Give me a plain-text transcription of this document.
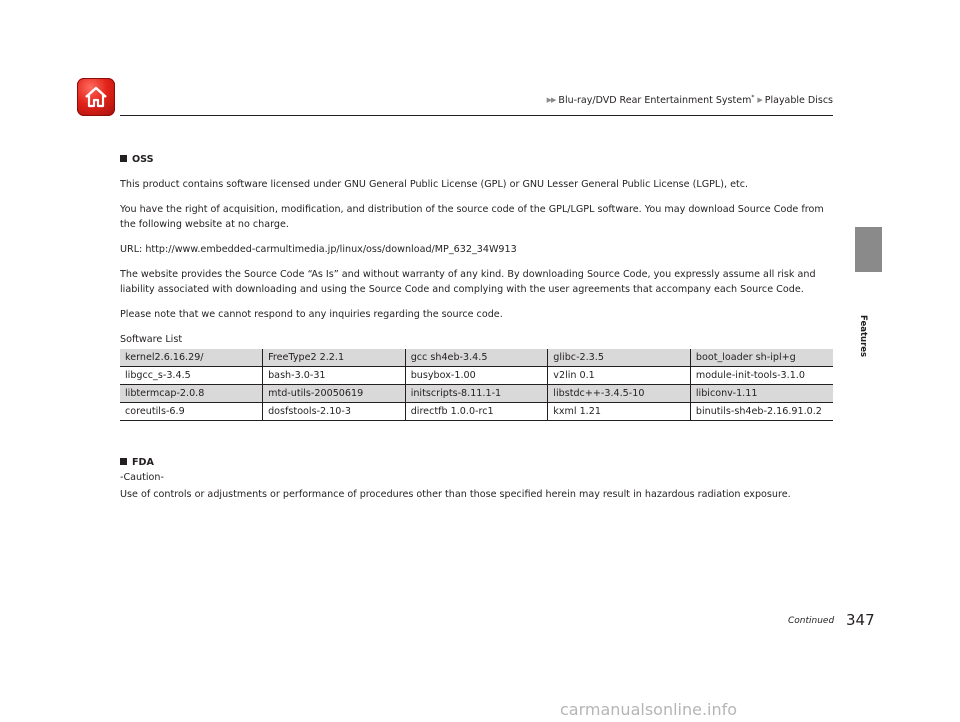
▶▶ Blu-ray/DVD Rear Entertainment System* ▶ Playable Discs
Features

OSS

This product contains software licensed under GNU General Public License (GPL) or GNU Lesser General Public License (LGPL), etc.

You have the right of acquisition, modification, and distribution of the source code of the GPL/LGPL software. You may download Source Code from the following website at no charge.

URL: http://www.embedded-carmultimedia.jp/linux/oss/download/MP_632_34W913

The website provides the Source Code “As Is” and without warranty of any kind. By downloading Source Code, you expressly assume all risk and liability associated with downloading and using the Source Code and complying with the user agreements that accompany each Source Code.

Please note that we cannot respond to any inquiries regarding the source code.

Software List

kernel2.6.16.29/	FreeType2 2.2.1	gcc sh4eb-3.4.5	glibc-2.3.5	boot_loader sh-ipl+g
libgcc_s-3.4.5	bash-3.0-31	busybox-1.00	v2lin 0.1	module-init-tools-3.1.0
libtermcap-2.0.8	mtd-utils-20050619	initscripts-8.11.1-1	libstdc++-3.4.5-10	libiconv-1.11
coreutils-6.9	dosfstools-2.10-3	directfb 1.0.0-rc1	kxml 1.21	binutils-sh4eb-2.16.91.0.2

FDA

-Caution-

Use of controls or adjustments or performance of procedures other than those specified herein may result in hazardous radiation exposure.

Continued 347
carmanualsonline.info
